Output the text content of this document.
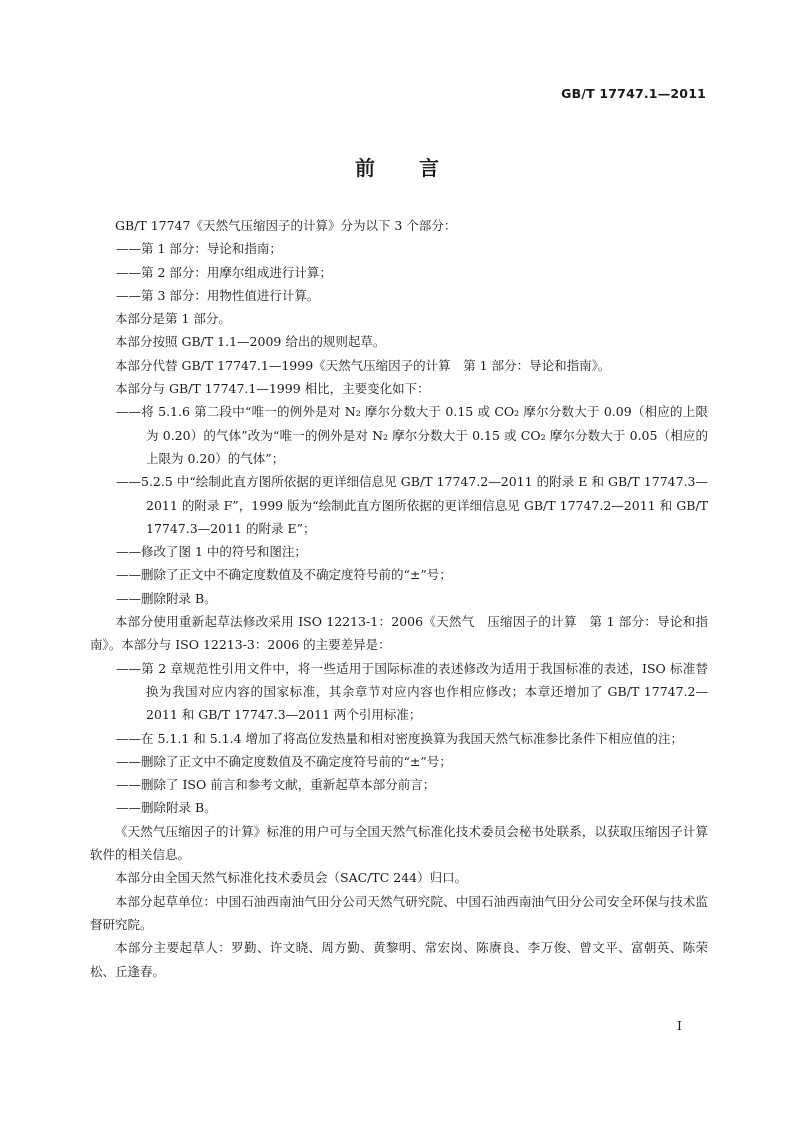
GB/T 17747.1—2011
前言

GB/T 17747《天然气压缩因子的计算》分为以下 3 个部分：

——第 1 部分：导论和指南；

——第 2 部分：用摩尔组成进行计算；

——第 3 部分：用物性值进行计算。

本部分是第 1 部分。

本部分按照 GB/T 1.1—2009 给出的规则起草。

本部分代替 GB/T 17747.1—1999《天然气压缩因子的计算　第 1 部分：导论和指南》。

本部分与 GB/T 17747.1—1999 相比，主要变化如下：

——将 5.1.6 第二段中“唯一的例外是对 N₂ 摩尔分数大于 0.15 或 CO₂ 摩尔分数大于 0.09（相应的上限为 0.20）的气体”改为“唯一的例外是对 N₂ 摩尔分数大于 0.15 或 CO₂ 摩尔分数大于 0.05（相应的上限为 0.20）的气体”；

——5.2.5 中“绘制此直方图所依据的更详细信息见 GB/T 17747.2—2011 的附录 E 和 GB/T 17747.3—2011 的附录 F”，1999 版为“绘制此直方图所依据的更详细信息见 GB/T 17747.2—2011 和 GB/T 17747.3—2011 的附录 E”；

——修改了图 1 中的符号和图注；

——删除了正文中不确定度数值及不确定度符号前的“±”号；

——删除附录 B。

本部分使用重新起草法修改采用 ISO 12213-1：2006《天然气　压缩因子的计算　第 1 部分：导论和指南》。本部分与 ISO 12213-3：2006 的主要差异是：

——第 2 章规范性引用文件中，将一些适用于国际标准的表述修改为适用于我国标准的表述，ISO 标准替换为我国对应内容的国家标准，其余章节对应内容也作相应修改；本章还增加了 GB/T 17747.2—2011 和 GB/T 17747.3—2011 两个引用标准；

——在 5.1.1 和 5.1.4 增加了将高位发热量和相对密度换算为我国天然气标准参比条件下相应值的注；

——删除了正文中不确定度数值及不确定度符号前的“±”号；

——删除了 ISO 前言和参考文献，重新起草本部分前言；

——删除附录 B。

《天然气压缩因子的计算》标准的用户可与全国天然气标准化技术委员会秘书处联系，以获取压缩因子计算软件的相关信息。

本部分由全国天然气标准化技术委员会（SAC/TC 244）归口。

本部分起草单位：中国石油西南油气田分公司天然气研究院、中国石油西南油气田分公司安全环保与技术监督研究院。

本部分主要起草人：罗勤、许文晓、周方勤、黄黎明、常宏岗、陈赓良、李万俊、曾文平、富朝英、陈荣松、丘逢春。

I
